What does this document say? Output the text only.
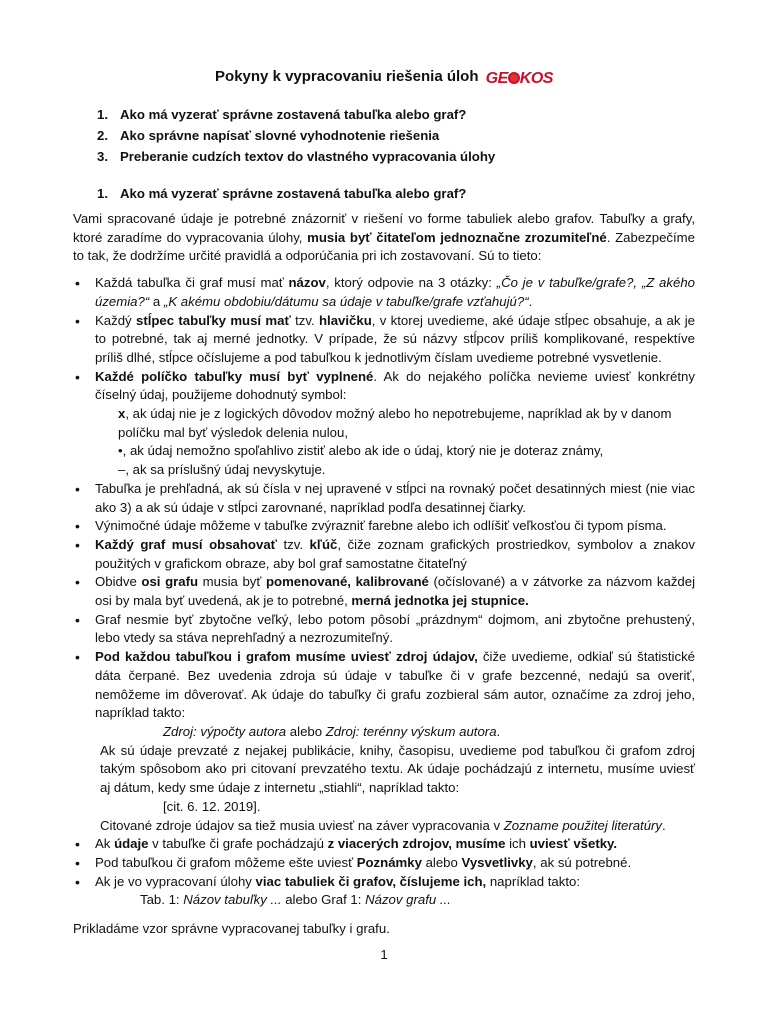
Pokyny k vypracovaniu riešenia úloh GE KOS
1. Ako má vyzerať správne zostavená tabuľka alebo graf?
2. Ako správne napísať slovné vyhodnotenie riešenia
3. Preberanie cudzích textov do vlastného vypracovania úlohy
1. Ako má vyzerať správne zostavená tabuľka alebo graf?

Vami spracované údaje je potrebné znázorniť v riešení vo forme tabuliek alebo grafov. Tabuľky a grafy, ktoré zaradíme do vypracovania úlohy, musia byť čitateľom jednoznačne zrozumiteľné. Zabezpečíme to tak, že dodržíme určité pravidlá a odporúčania pri ich zostavovaní. Sú to tieto:

• Každá tabuľka či graf musí mať názov, ktorý odpovie na 3 otázky: „Čo je v tabuľke/grafe?, „Z akého územia?“ a „K akému obdobiu/dátumu sa údaje v tabuľke/grafe vzťahujú?“.

• Každý stĺpec tabuľky musí mať tzv. hlavičku, v ktorej uvedieme, aké údaje stĺpec obsahuje, a ak je to potrebné, tak aj merné jednotky. V prípade, že sú názvy stĺpcov príliš komplikované, respektíve príliš dlhé, stĺpce očíslujeme a pod tabuľkou k jednotlivým číslam uvedieme potrebné vysvetlenie.

• Každé políčko tabuľky musí byť vyplnené. Ak do nejakého políčka nevieme uviesť konkrétny číselný údaj, použijeme dohodnutý symbol:

x, ak údaj nie je z logických dôvodov možný alebo ho nepotrebujeme, napríklad ak by v danom políčku mal byť výsledok delenia nulou,

•, ak údaj nemožno spoľahlivo zistiť alebo ak ide o údaj, ktorý nie je doteraz známy,

–, ak sa príslušný údaj nevyskytuje.

• Tabuľka je prehľadná, ak sú čísla v nej upravené v stĺpci na rovnaký počet desatinných miest (nie viac ako 3) a ak sú údaje v stĺpci zarovnané, napríklad podľa desatinnej čiarky.

• Výnimočné údaje môžeme v tabuľke zvýrazniť farebne alebo ich odlíšiť veľkosťou či typom písma.

• Každý graf musí obsahovať tzv. kľúč, čiže zoznam grafických prostriedkov, symbolov a znakov použitých v grafickom obraze, aby bol graf samostatne čitateľný

• Obidve osi grafu musia byť pomenované, kalibrované (očíslované) a v zátvorke za názvom každej osi by mala byť uvedená, ak je to potrebné, merná jednotka jej stupnice.

• Graf nesmie byť zbytočne veľký, lebo potom pôsobí „prázdnym“ dojmom, ani zbytočne prehustený, lebo vtedy sa stáva neprehľadný a nezrozumiteľný.

• Pod každou tabuľkou i grafom musíme uviesť zdroj údajov, čiže uvedieme, odkiaľ sú štatistické dáta čerpané. Bez uvedenia zdroja sú údaje v tabuľke či v grafe bezcenné, nedajú sa overiť, nemôžeme im dôverovať. Ak údaje do tabuľky či grafu zozbieral sám autor, označíme za zdroj jeho, napríklad takto:

Zdroj: výpočty autora alebo Zdroj: terénny výskum autora.

Ak sú údaje prevzaté z nejakej publikácie, knihy, časopisu, uvedieme pod tabuľkou či grafom zdroj takým spôsobom ako pri citovaní prevzatého textu. Ak údaje pochádzajú z internetu, musíme uviesť aj dátum, kedy sme údaje z internetu „stiahli“, napríklad takto:

[cit. 6. 12. 2019].

Citované zdroje údajov sa tiež musia uviesť na záver vypracovania v Zozname použitej literatúry.

• Ak údaje v tabuľke či grafe pochádzajú z viacerých zdrojov, musíme ich uviesť všetky.

• Pod tabuľkou či grafom môžeme ešte uviesť Poznámky alebo Vysvetlivky, ak sú potrebné.

• Ak je vo vypracovaní úlohy viac tabuliek či grafov, číslujeme ich, napríklad takto:

Tab. 1: Názov tabuľky ... alebo Graf 1: Názov grafu ...

Prikladáme vzor správne vypracovanej tabuľky i grafu.

1
